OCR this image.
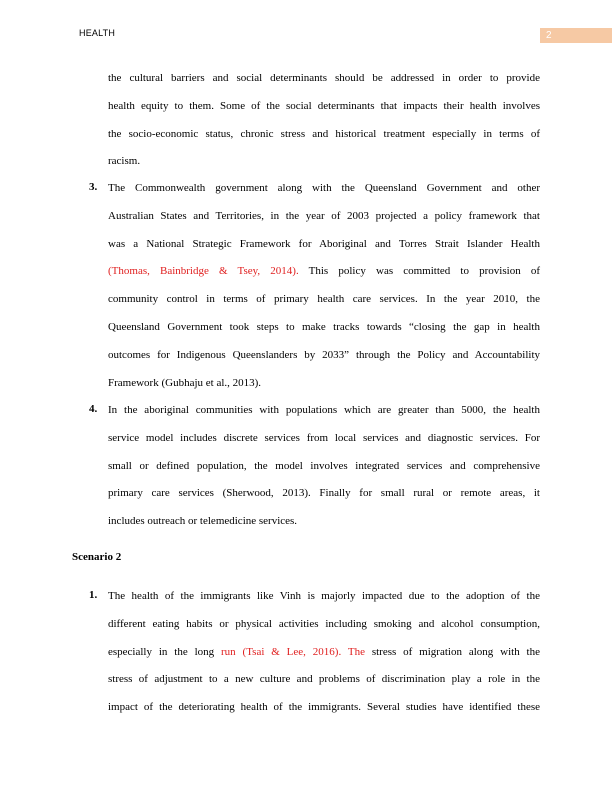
HEALTH	2
the cultural barriers and social determinants should be addressed in order to provide
health equity to them. Some of the social determinants that impacts their health involves
the socio-economic status, chronic stress and historical treatment especially in terms of
racism.
3. The Commonwealth government along with the Queensland Government and other
Australian States and Territories, in the year of 2003 projected a policy framework that
was a National Strategic Framework for Aboriginal and Torres Strait Islander Health
(Thomas, Bainbridge & Tsey, 2014). This policy was committed to provision of
community control in terms of primary health care services. In the year 2010, the
Queensland Government took steps to make tracks towards “closing the gap in health
outcomes for Indigenous Queenslanders by 2033” through the Policy and Accountability
Framework (Gubhaju et al., 2013).
4. In the aboriginal communities with populations which are greater than 5000, the health
service model includes discrete services from local services and diagnostic services. For
small or defined population, the model involves integrated services and comprehensive
primary care services (Sherwood, 2013). Finally for small rural or remote areas, it
includes outreach or telemedicine services.
Scenario 2
1. The health of the immigrants like Vinh is majorly impacted due to the adoption of the
different eating habits or physical activities including smoking and alcohol consumption,
especially in the long run (Tsai & Lee, 2016). The stress of migration along with the
stress of adjustment to a new culture and problems of discrimination play a role in the
impact of the deteriorating health of the immigrants. Several studies have identified these
